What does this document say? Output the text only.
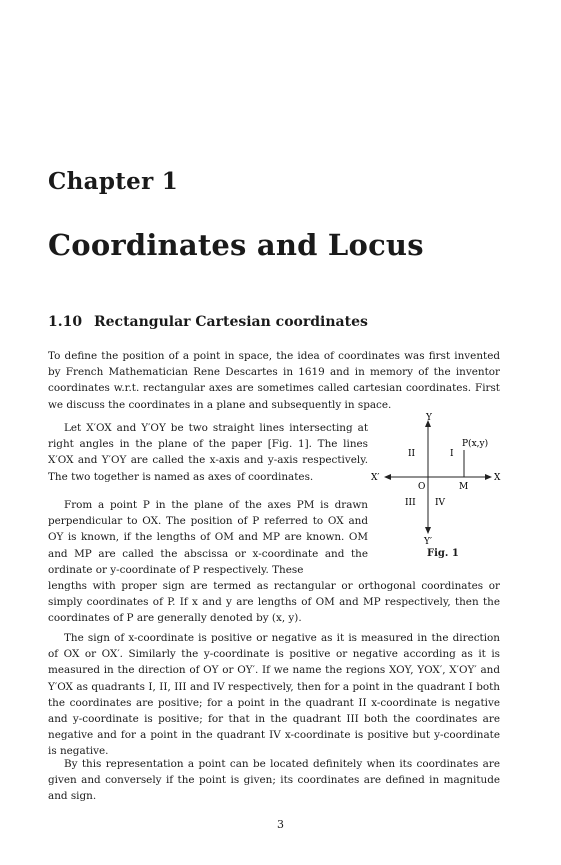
Chapter 1
Coordinates and Locus
1.10 Rectangular Cartesian coordinates

To define the position of a point in space, the idea of coordinates was first invented by French Mathematician Rene Descartes in 1619 and in memory of the inventor coordinates w.r.t. rectangular axes are sometimes called cartesian coordinates. First we discuss the coordinates in a plane and subsequently in space.

Let X′OX and Y′OY be two straight lines intersecting at right angles in the plane of the paper [Fig. 1]. The lines X′OX and Y′OY are called the x-axis and y-axis respectively. The two together is named as axes of coordinates.

From a point P in the plane of the axes PM is drawn perpendicular to OX. The position of P referred to OX and OY is known, if the lengths of OM and MP are known. OM and MP are called the abscissa or x-coordinate and the ordinate or y-coordinate of P respectively. These

lengths with proper sign are termed as rectangular or orthogonal coordinates or simply coordinates of P. If x and y are lengths of OM and MP respectively, then the coordinates of P are generally denoted by (x, y).

The sign of x-coordinate is positive or negative as it is measured in the direction of OX or OX′. Similarly the y-coordinate is positive or negative according as it is measured in the direction of OY or OY′. If we name the regions XOY, YOX′, X′OY′ and Y′OX as quadrants I, II, III and IV respectively, then for a point in the quadrant I both the coordinates are positive; for a point in the quadrant II x-coordinate is negative and y-coordinate is positive; for that in the quadrant III both the coordinates are negative and for a point in the quadrant IV x-coordinate is positive but y-coordinate is negative.

By this representation a point can be located definitely when its coordinates are given and conversely if the point is given; its coordinates are defined in magnitude and sign.

Y
Y′
X
X′
O	M
P(x,y)
I
II
III IV
Fig. 1
3
